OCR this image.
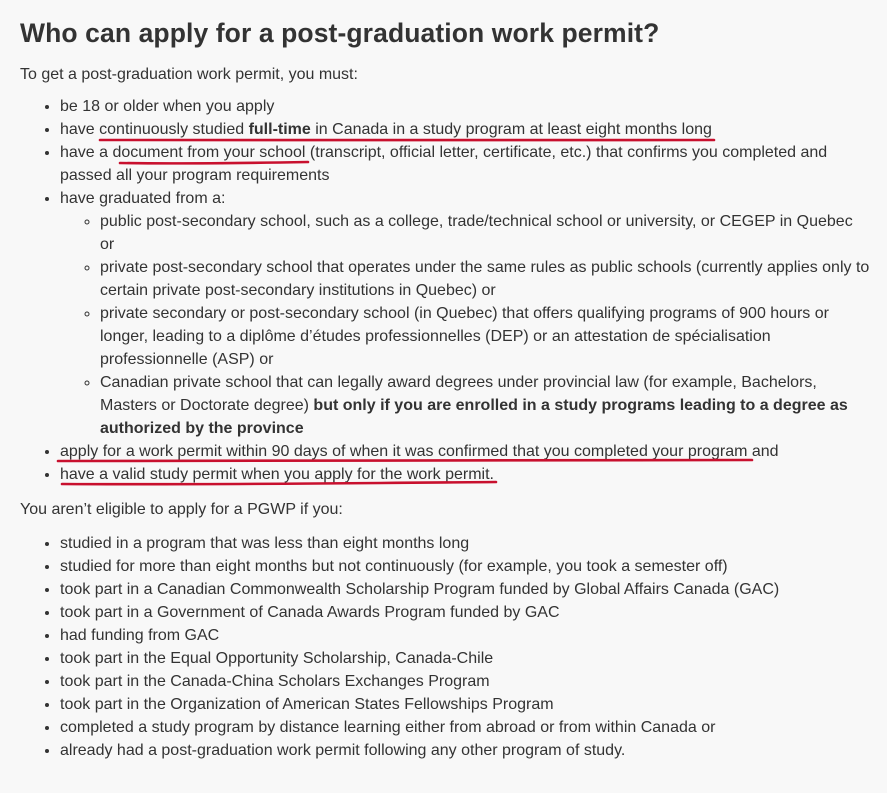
Who can apply for a post-graduation work permit?

To get a post-graduation work permit, you must:

• be 18 or older when you apply
• have continuously studied full-time in Canada in a study program at least eight months long
• have a document from your school (transcript, official letter, certificate, etc.) that confirms you completed and passed all your program requirements
• have graduated from a:
◦ public post-secondary school, such as a college, trade/technical school or university, or CEGEP in Quebec or
◦ private post-secondary school that operates under the same rules as public schools (currently applies only to certain private post-secondary institutions in Quebec) or
◦ private secondary or post-secondary school (in Quebec) that offers qualifying programs of 900 hours or longer, leading to a diplôme d’études professionnelles (DEP) or an attestation de spécialisation professionnelle (ASP) or
◦ Canadian private school that can legally award degrees under provincial law (for example, Bachelors, Masters or Doctorate degree) but only if you are enrolled in a study programs leading to a degree as authorized by the province
• apply for a work permit within 90 days of when it was confirmed that you completed your program and
• have a valid study permit when you apply for the work permit.

You aren’t eligible to apply for a PGWP if you:

• studied in a program that was less than eight months long
• studied for more than eight months but not continuously (for example, you took a semester off)
• took part in a Canadian Commonwealth Scholarship Program funded by Global Affairs Canada (GAC)
• took part in a Government of Canada Awards Program funded by GAC
• had funding from GAC
• took part in the Equal Opportunity Scholarship, Canada-Chile
• took part in the Canada-China Scholars Exchanges Program
• took part in the Organization of American States Fellowships Program
• completed a study program by distance learning either from abroad or from within Canada or
• already had a post-graduation work permit following any other program of study.
